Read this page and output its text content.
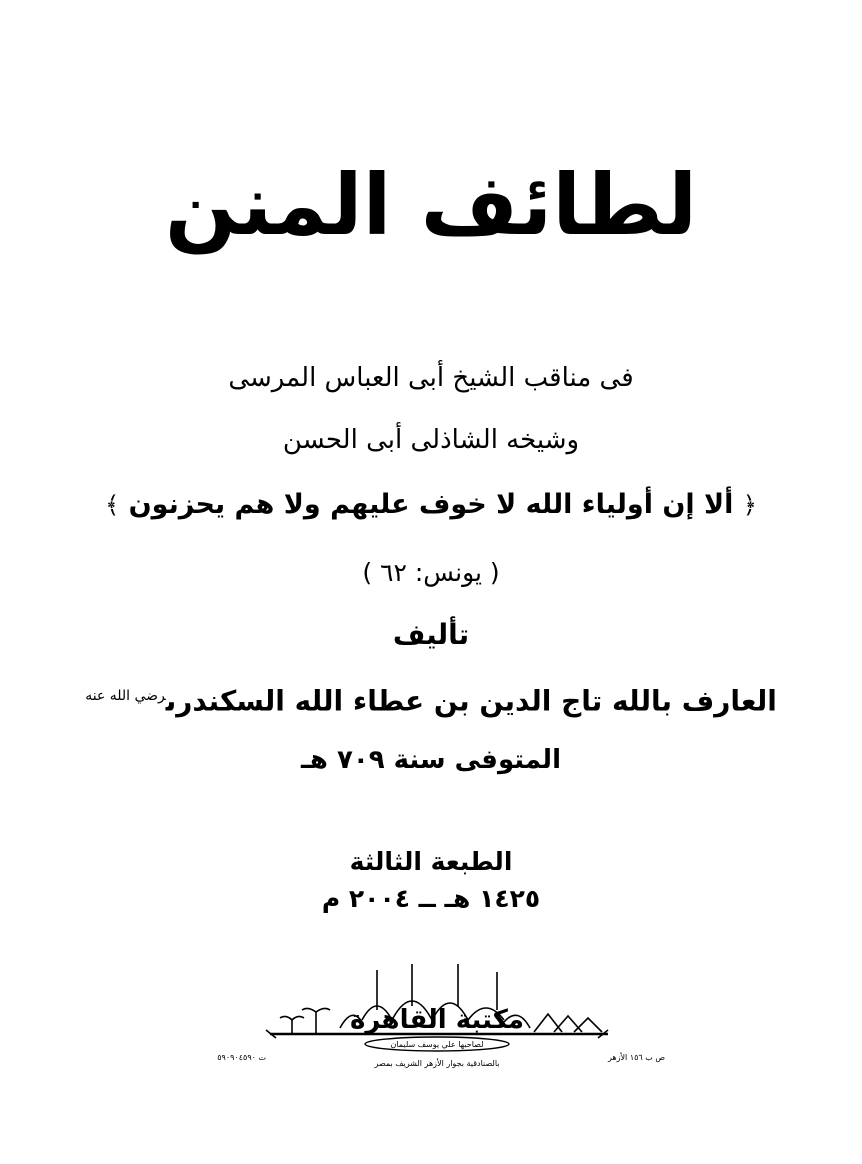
لطائف المنن
فى مناقب الشيخ أبى العباس المرسى
وشيخه الشاذلى أبى الحسن
﴿ ألا إن أولياء الله لا خوف عليهم ولا هم يحزنون ﴾
( يونس: ٦٢ )
تأليف
العارف بالله تاج الدين بن عطاء الله السكندرى$^{رضي الله عنه}$
المتوفى سنة ٧٠٩ هـ
الطبعة الثالثة
١٤٢٥ هـ ــ ٢٠٠٤ م
مكتبة القاهرة
لصاحبها علي يوسف سليمان
ت ٥٩٠٩٠٤٥٩٠
بالصنادقية بجوار الأزهر الشريف بمصر
ص ب ١٥٦ الأزهر
